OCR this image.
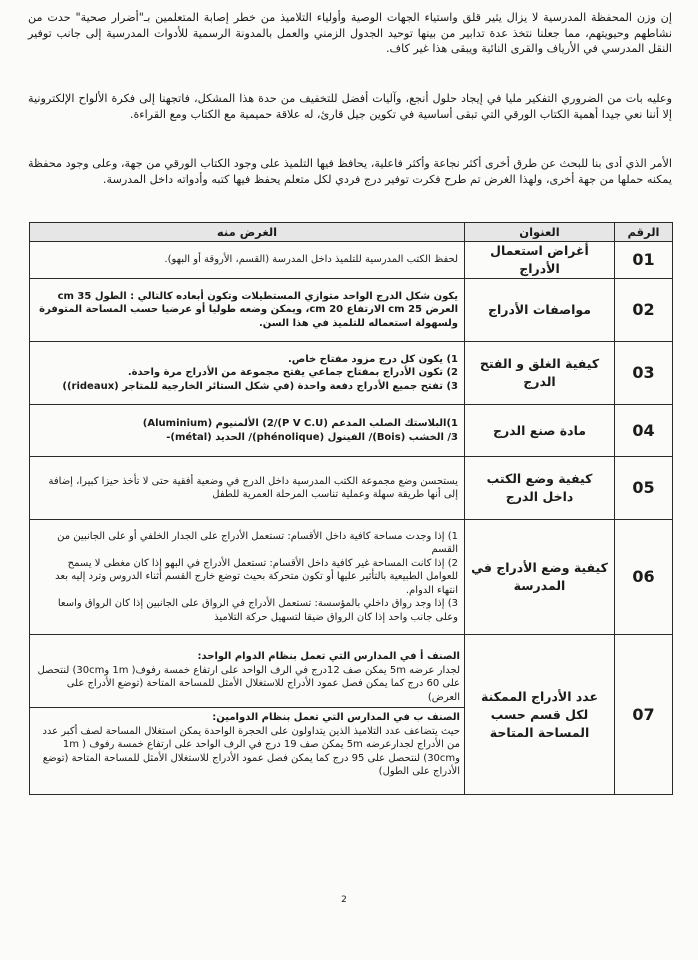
إن وزن المحفظة المدرسية لا يزال يثير قلق واستياء الجهات الوصية وأولياء التلاميذ من خطر إصابة المتعلمين بـ"أضرار صحية" حدت من نشاطهم وحيويتهم، مما جعلنا نتخذ عدة تدابير من بينها توحيد الجدول الزمني والعمل بالمدونة الرسمية للأدوات المدرسية إلى جانب توفير النقل المدرسي في الأرياف والقرى النائية ويبقى هذا غير كاف.
وعليه بات من الضروري التفكير مليا في إيجاد حلول أنجع، وآليات أفضل للتخفيف من حدة هذا المشكل، فاتجهنا إلى فكرة الألواح الإلكترونية إلا أننا نعي جيدا أهمية الكتاب الورقي التي تبقى أساسية في تكوين جيل قارئ، له علاقة حميمية مع الكتاب ومع القراءة.
الأمر الذي أدى بنا للبحث عن طرق أخرى أكثر نجاعة وأكثر فاعلية، يحافظ فيها التلميذ على وجود الكتاب الورقي من جهة، وعلى وجود محفظة يمكنه حملها من جهة أخرى، ولهذا الغرض تم طرح فكرت توفير درج فردي لكل متعلم يحفظ فيها كتبه وأدواته داخل المدرسة.
الرقم	العنوان	الغرض منه
01	أغراض استعمال الأدراج	لحفظ الكتب المدرسية للتلميذ داخل المدرسة (القسم، الأروقة أو البهو).

02	مواصفات الأدراج	يكون شكل الدرج الواحد متوازي المستطيلات وتكون أبعاده كالتالي : الطول 35 cm العرض 25 cm الارتفاع 20 cm، ويمكن وضعه طوليا أو عرضيا حسب المساحة المتوفرة ولسهولة استعماله للتلميذ في هذا السن.

03	كيفية الغلق و الفتح الدرج	1) يكون كل درج مزود مفتاح خاص.
2) تكون الأدراج بمفتاح جماعي يفتح مجموعة من الأدراج مرة واحدة.
3) تفتح جميع الأدراج دفعة واحدة (في شكل الستائر الخارجية للمتاجر (rideaux))

04	مادة صنع الدرج	1)البلاستك الصلب المدعم (P V C.U)/2) الألمنيوم (Aluminium)
3/ الخشب (Bois)/ الفينول (phénolique)/ الحديد (métal)-

05	كيفية وضع الكتب داخل الدرج	يستحسن وضع مجموعة الكتب المدرسية داخل الدرج في وضعية أفقية حتى لا تأخذ حيزا كبيرا، إضافة إلى أنها طريقة سهلة وعملية تناسب المرحلة العمرية للطفل

06	كيفية وضع الأدراج في المدرسة	1) إذا وجدت مساحة كافية داخل الأقسام: تستعمل الأدراج على الجدار الخلفي أو على الجانبين من القسم
2) إذا كانت المساحة غير كافية داخل الأقسام: تستعمل الأدراج في البهو إذا كان مغطى لا يسمح للعوامل الطبيعية بالتأثير عليها أو تكون متحركة بحيث توضع خارج القسم أثناء الدروس وترد إليه بعد انتهاء الدوام.
3) إذا وجد رواق داخلي بالمؤسسة: تستعمل الأدراج في الرواق على الجانبين إذا كان الرواق واسعا وعلى جانب واحد إذا كان الرواق ضيقا لتسهيل حركة التلاميذ

07	عدد الأدراج الممكنة لكل قسم حسب المساحة المتاحة	الصنف أ في المدارس التي تعمل بنظام الدوام الواحد:
لجدار عرضه 5m يمكن صف 12درج في الرف الواحد على ارتفاع خمسة رفوف( 1m و30cm) لنتحصل على 60 درج كما يمكن فصل عمود الأدراج للاستغلال الأمثل للمساحة المتاحة (توضع الأدراج على العرض)
الصنف ب في المدارس التي تعمل بنظام الدوامين:
حيث يتضاعف عدد التلاميذ الذين يتداولون على الحجرة الواحدة يمكن استغلال المساحة لصف أكبر عدد من الأدراج لجدارعرضه 5m يمكن صف 19 درج في الرف الواحد على ارتفاع خمسة رفوف ( 1m و30cm) لنتحصل على 95 درج كما يمكن فصل عمود الأدراج للاستغلال الأمثل للمساحة المتاحة (توضع الأدراج على الطول)
2
